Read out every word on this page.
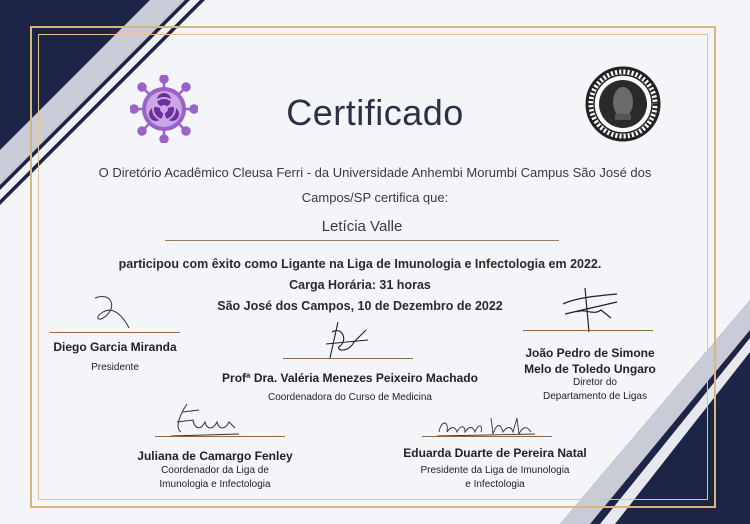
Certificado
O Diretório Acadêmico Cleusa Ferri - da Universidade Anhembi Morumbi Campus São José dos Campos/SP certifica que:
Letícia Valle
participou com êxito como Ligante na Liga de Imunologia e Infectologia em 2022.
Carga Horária: 31 horas
São José dos Campos, 10 de Dezembro de 2022
Diego Garcia Miranda
Presidente
Profª Dra. Valéria Menezes Peixeiro Machado
Coordenadora do Curso de Medicina
João Pedro de Simone
Melo de Toledo Ungaro
Diretor do
Departamento de Ligas
Juliana de Camargo Fenley
Coordenador da Liga de
Imunologia e Infectologia
Eduarda Duarte de Pereira Natal
Presidente da Liga de Imunologia
e Infectologia
